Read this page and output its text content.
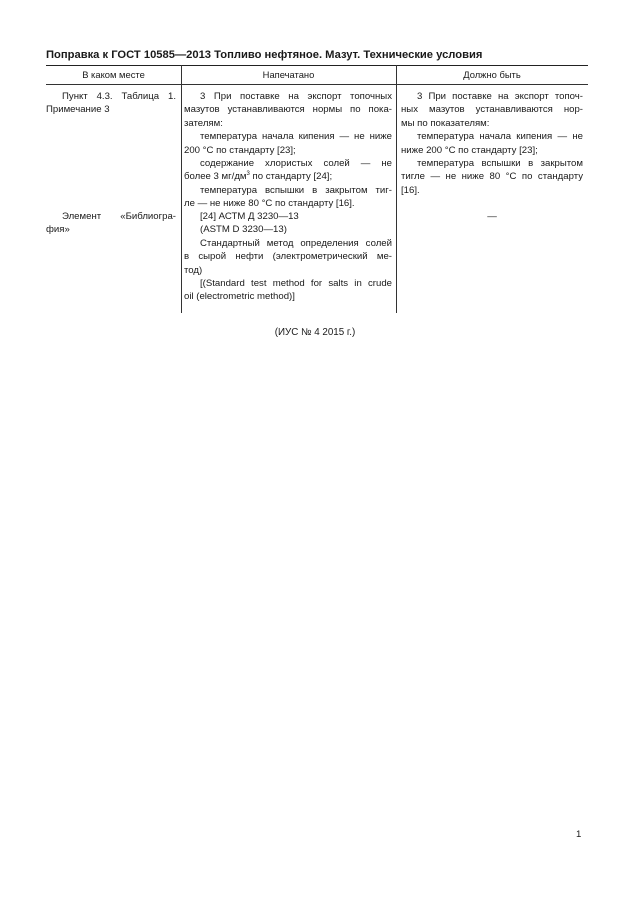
Поправка к ГОСТ 10585—2013 Топливо нефтяное. Мазут. Технические условия
В каком месте	Напечатано	Должно быть
Пункт 4.3. Таблица 1.
Примечание 3
3 При поставке на экспорт топочных
мазутов устанавливаются нормы по пока-
зателям:
температура начала кипения — не ниже
200 °С по стандарту [23];
содержание хлористых солей — не
более 3 $мг/дм^3$ по стандарту [24];
температура вспышки в закрытом тиг-
ле — не ниже 80 °С по стандарту [16].
3 При поставке на экспорт топоч-
ных мазутов устанавливаются нор-
мы по показателям:
температура начала кипения — не
ниже 200 °С по стандарту [23];
температура вспышки в закрытом
тигле — не ниже 80 °С по стандарту
[16].
Элемент «Библиогра-
фия»
[24] АСТМ Д 3230—13
(ASTM D 3230—13)
Стандартный метод определения солей
в сырой нефти (электрометрический ме-
тод)
[(Standard test method for salts in crude
oil (electrometric method)]
—
(ИУС № 4 2015 г.)
1
